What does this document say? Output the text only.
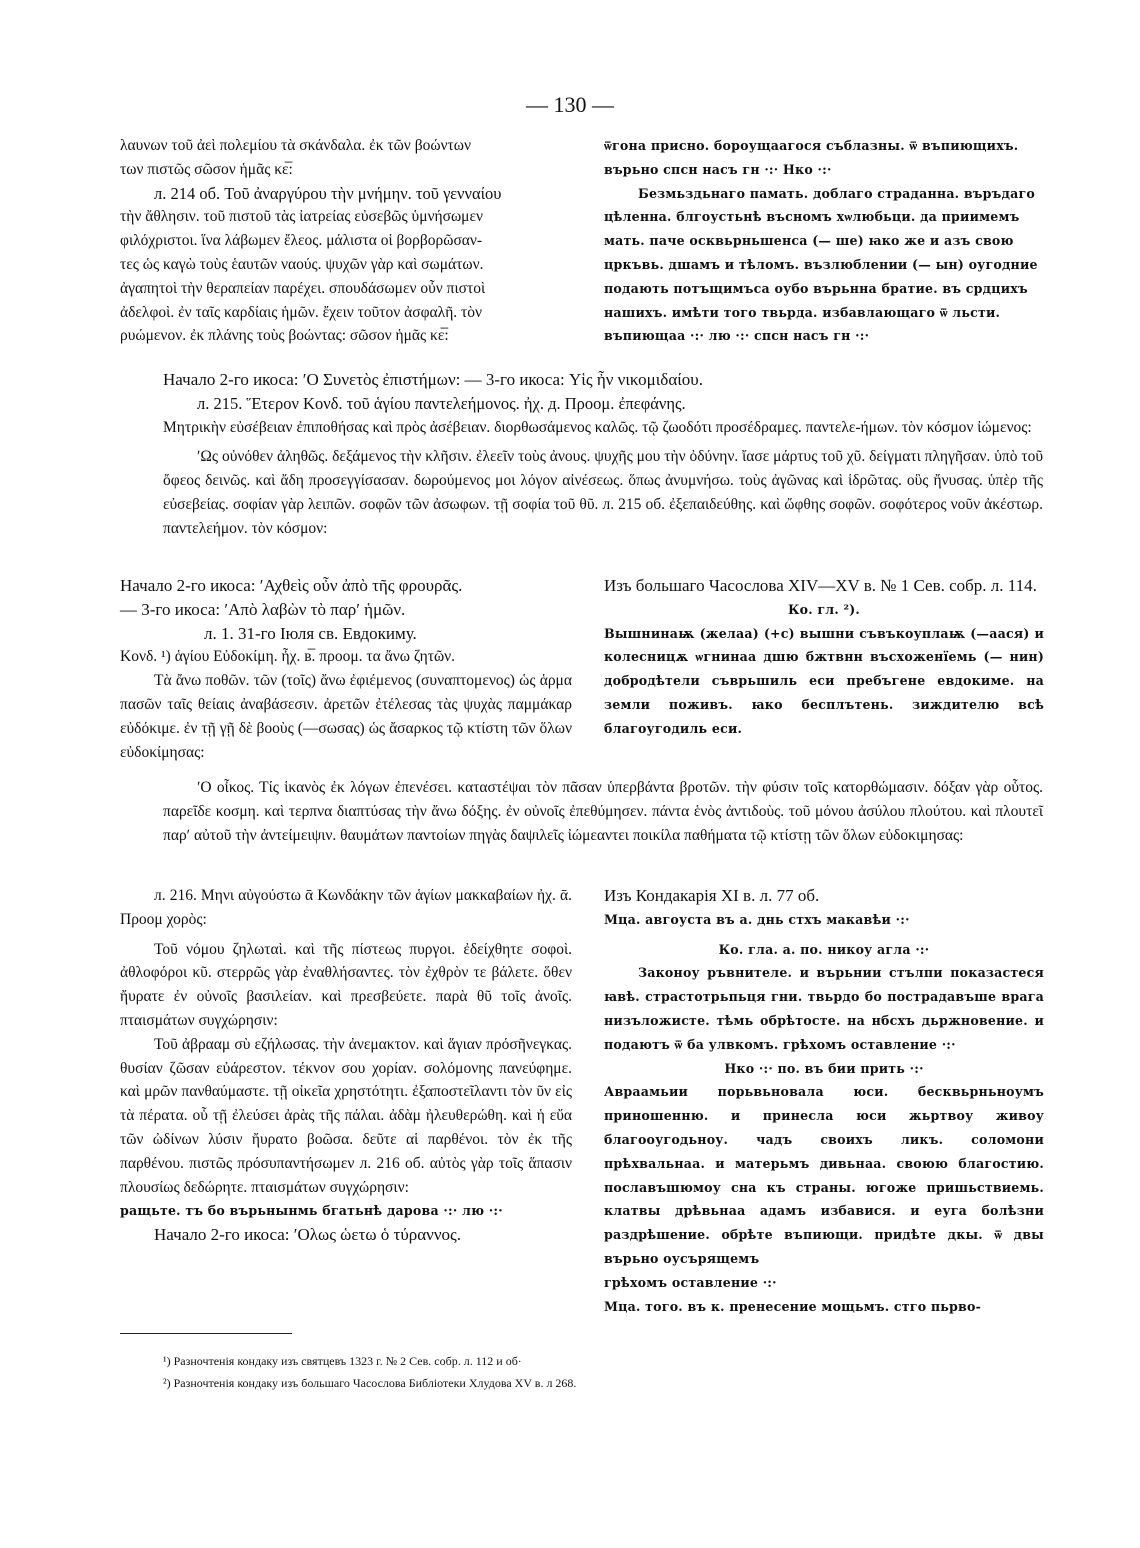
— 130 —

λαυνων τοῦ ἀεὶ πολεμίου τὰ σκάνδαλα. ἐκ τῶν βοώντων

των πιστῶς σῶσον ἡμᾶς κε̅:

л. 214 об. Τοῦ ἀναργύρου τὴν μνήμην. τοῦ γενναίου

τὴν ἄθλησιν. τοῦ πιστοῦ τὰς ἰατρείας εὐσεβῶς ὑμνήσωμεν

φιλόχριστοι. ἵνα λάβωμεν ἔλεος. μάλιστα οἱ βορβορῶσαν-

τες ὡς καγὼ τοὺς ἑαυτῶν ναούς. ψυχῶν γὰρ καὶ σωμάτων.

ἀγαπητοὶ τὴν θεραπείαν παρέχει. σπουδάσωμεν οὖν πιστοὶ

ἀδελφοὶ. ἐν ταῖς καρδίαις ἡμῶν. ἔχειν τοῦτον ἀσφαλῆ. τὸν

ρυώμενον. ἐκ πλάνης τοὺς βοώντας: σῶσον ἡμᾶς κε̅:

ѿгона присно. бороущаагося съблазны. ѿ въпиющихъ.

върьно спсн насъ гн ·:· Нко ·:·

Безмьздьнаго памать. доблаго страданна. въръдаго

цѣленна. блгоустьнѣ въсномъ хѡлюбьци. да приимемъ

мать. паче осквьрньшенса (— ше) ꙗко же и азъ свою

цркъвь. дшамъ и тѣломъ. възлюблении (— ын) оугодние

подають потъщимъса оубо върьнна братие. въ срдцихъ

нашихъ. имѣти того твьрда. избавлающаго ѿ льсти.

въпиющаа ·:· лю ·:· спсн насъ гн ·:·

Начало 2-го икоса: ʹΟ Συνετὸς ἐπιστήμων: — 3-го икоса: Υἱς ἦν νικομιδαίου.

л. 215. Ἕτερον Κονδ. τοῦ ἁγίου παντελεήμονος. ἠχ. д. Προομ. ἐπεφάνης.

Μητρικὴν εὐσέβειαν ἐπιποθήσας καὶ πρὸς ἀσέβειαν. διορθωσάμενος καλῶς. τῷ ζωοδότι προσέδραμες. παντελε-ήμων. τὸν κόσμον ἰώμενος:

ʹΩς οὐνόθεν ἀληθῶς. δεξάμενος τὴν κλῆσιν. ἐλεεῖν τοὺς ἀνους. ψυχῆς μου τὴν ὀδύνην. ἴασε μάρτυς τοῦ χῦ. δείγματι πληγῆσαν. ὑπὸ τοῦ ὄφεος δεινῶς. καὶ ἄδη προσεγγίσασαν. δωρούμενος μοι λόγον αἰνέσεως. ὅπως ἀνυμνήσω. τοὺς ἀγῶνας καὶ ἱδρῶτας. οὓς ἤνυσας. ὑπὲρ τῆς εὐσεβείας. σοφίαν γὰρ λειπῶν. σοφῶν τῶν ἀσωφων. τῇ σοφία τοῦ θῦ. л. 215 об. ἐξεπαιδεύθης. καὶ ὤφθης σοφῶν. σοφότερος νοῦν ἀκέστωρ. παντελεήμον. τὸν κόσμον:

Начало 2-го икоса: ʹΑχθεὶς οὖν ἀπὸ τῆς φρουρᾶς.

— 3-го икоса: ʹΑπὸ λαβὼν τὸ παρʹ ἡμῶν.

л. 1. 31-го Іюля св. Евдокиму.

Κονδ. ¹) ἁγίου Εὐδοκίμη. ἦχ. в̅. προομ. τα ἄνω ζητῶν.

Τὰ ἄνω ποθῶν. τῶν (τοῖς) ἄνω ἐφιέμενος (συναπτομενος) ὡς ἁρμα πασῶν ταῖς θείαις ἀναβάσεσιν. ἀρετῶν ἐτέλεσας τὰς ψυχὰς παμμάκαρ εὐδόκιμε. ἐν τῇ γῇ δὲ βοοὺς (—σωσας) ὡς ἄσαρκος τῷ κτίστη τῶν ὅλων εὐδοκίμησας:

Изъ большаго Часослова XIV—XV в. № 1 Сев. собр. л. 114.

Ко. гл. ²).

Вышнинаѭ (желаа) (+с) вышни съвъкоуплаѭ (—аася) и колесницѫ ѡгнинаа дшю бжтвнн въсхоженїемь (— нин) добродѣтели съврьшиль еси пребъгене евдокиме. на земли поживъ. ꙗко бесплътень. зиждителю всѣ благоугодиль еси.

ʹΟ οἶκος. Τίς ἱκανὸς ἐκ λόγων ἐπενέσει. καταστέψαι τὸν πᾶσαν ὑπερβάντα βροτῶν. τὴν φύσιν τοῖς κατορθώμασιν. δόξαν γὰρ οὗτος. παρεῖδε κοσμη. καὶ τερπνα διαπτύσας τὴν ἄνω δόξης. ἐν οὐνοῖς ἐπεθύμησεν. πάντα ἑνὸς ἀντιδοὺς. τοῦ μόνου ἀσύλου πλούτου. καὶ πλουτεῖ παρʹ αὐτοῦ τὴν ἀντείμειψιν. θαυμάτων παντοίων πηγὰς δαψιλεῖς ἰώμεαντει ποικίλα παθήματα τῷ κτίστῃ τῶν ὅλων εὐδοκιμησας:

л. 216. Μηνι αὐγούστω ᾱ Κωνδάκην τῶν ἁγίων μακκαβαίων ἠχ. ᾱ. Προομ χορὸς:

Τοῦ νόμου ζηλωταὶ. καὶ τῆς πίστεως πυργοι. ἐδείχθητε σοφοὶ. ἀθλοφόροι κῦ. στερρῶς γὰρ ἐναθλήσαντες. τὸν ἐχθρὸν τε βάλετε. ὅθεν ἤυρατε ἐν οὐνοῖς βασιλείαν. καὶ πρεσβεύετε. παρὰ θῦ τοῖς ἀνοῖς. πταισμάτων συγχώρησιν:

Τοῦ ἀβρααμ σὺ εζήλωσας. τὴν ἀνεμακτον. καὶ ἅγιαν πρόσῆνεγκας. θυσίαν ζῶσαν εὐάρεστον. τέκνον σου χορίαν. σολόμονης πανεύφημε. καὶ μρῶν πανθαύμαστε. τῇ οἰκεῖα χρηστότητι. ἐξαποστεῖλαντι τὸν ῦν εἰς τὰ πέρατα. οὗ τῇ ἐλεύσει ἀρὰς τῆς πάλαι. ἀδὰμ ἠλευθερώθη. καὶ ἡ εὔα τῶν ὠδίνων λύσιν ἤυρατο βοῶσα. δεῦτε αἱ παρθένοι. τὸν ἐκ τῆς παρθένου. πιστῶς πρόσυπαντήσωμεν л. 216 об. αὐτὸς γὰρ τοῖς ἅπασιν πλουσίως δεδώρητε. πταισμάτων συγχώρησιν:

ращьте. тъ бо върьнынмь бгатьнѣ дарова ·:· лю ·:·

Начало 2-го икоса: ʹΟλως ὡετω ὁ τύραννος.

Изъ Кондакарія XI в. л. 77 об.

Мца. авгоуста въ а. днь стхъ макавѣи ·:·

Ко. гла. а. по. никоу агла ·:·

Законоу ръвнителе. и върьнии стълпи показастеся ꙗвѣ. страстотрьпьця гни. твьрдо бо пострадавъше врага низъложисте. тѣмь обрѣтосте. на нбсхъ дьржновение. и подаютъ ѿ ба улвкомъ. грѣхомъ оставление ·:·

Нко ·:· по. въ бии прить ·:·

Авраамьии порьвьновала юси. бесквьрньноумъ приношенню. и принесла юси жьртвоу живоу благооугодьноу. чадъ своихъ ликъ. соломони прѣхвальнаа. и матерьмъ дивьнаа. своюю благостию. пославъшюмоу сна къ страны. югоже пришьствиемь. клатвы дрѣвьнаа адамъ избавися. и еуга болѣзни раздрѣшение. обрѣте въпиющи. придѣте дкы. ѿ двы върьно оусърящемъ

грѣхомъ оставление ·:·

Мца. того. въ к. пренесение мощьмъ. стго пьрво-

¹) Разночтенія кондаку изъ святцевъ 1323 г. № 2 Сев. собр. л. 112 и об·

²) Разночтенія кондаку изъ большаго Часослова Библіотеки Хлудова XV в. л 268.
